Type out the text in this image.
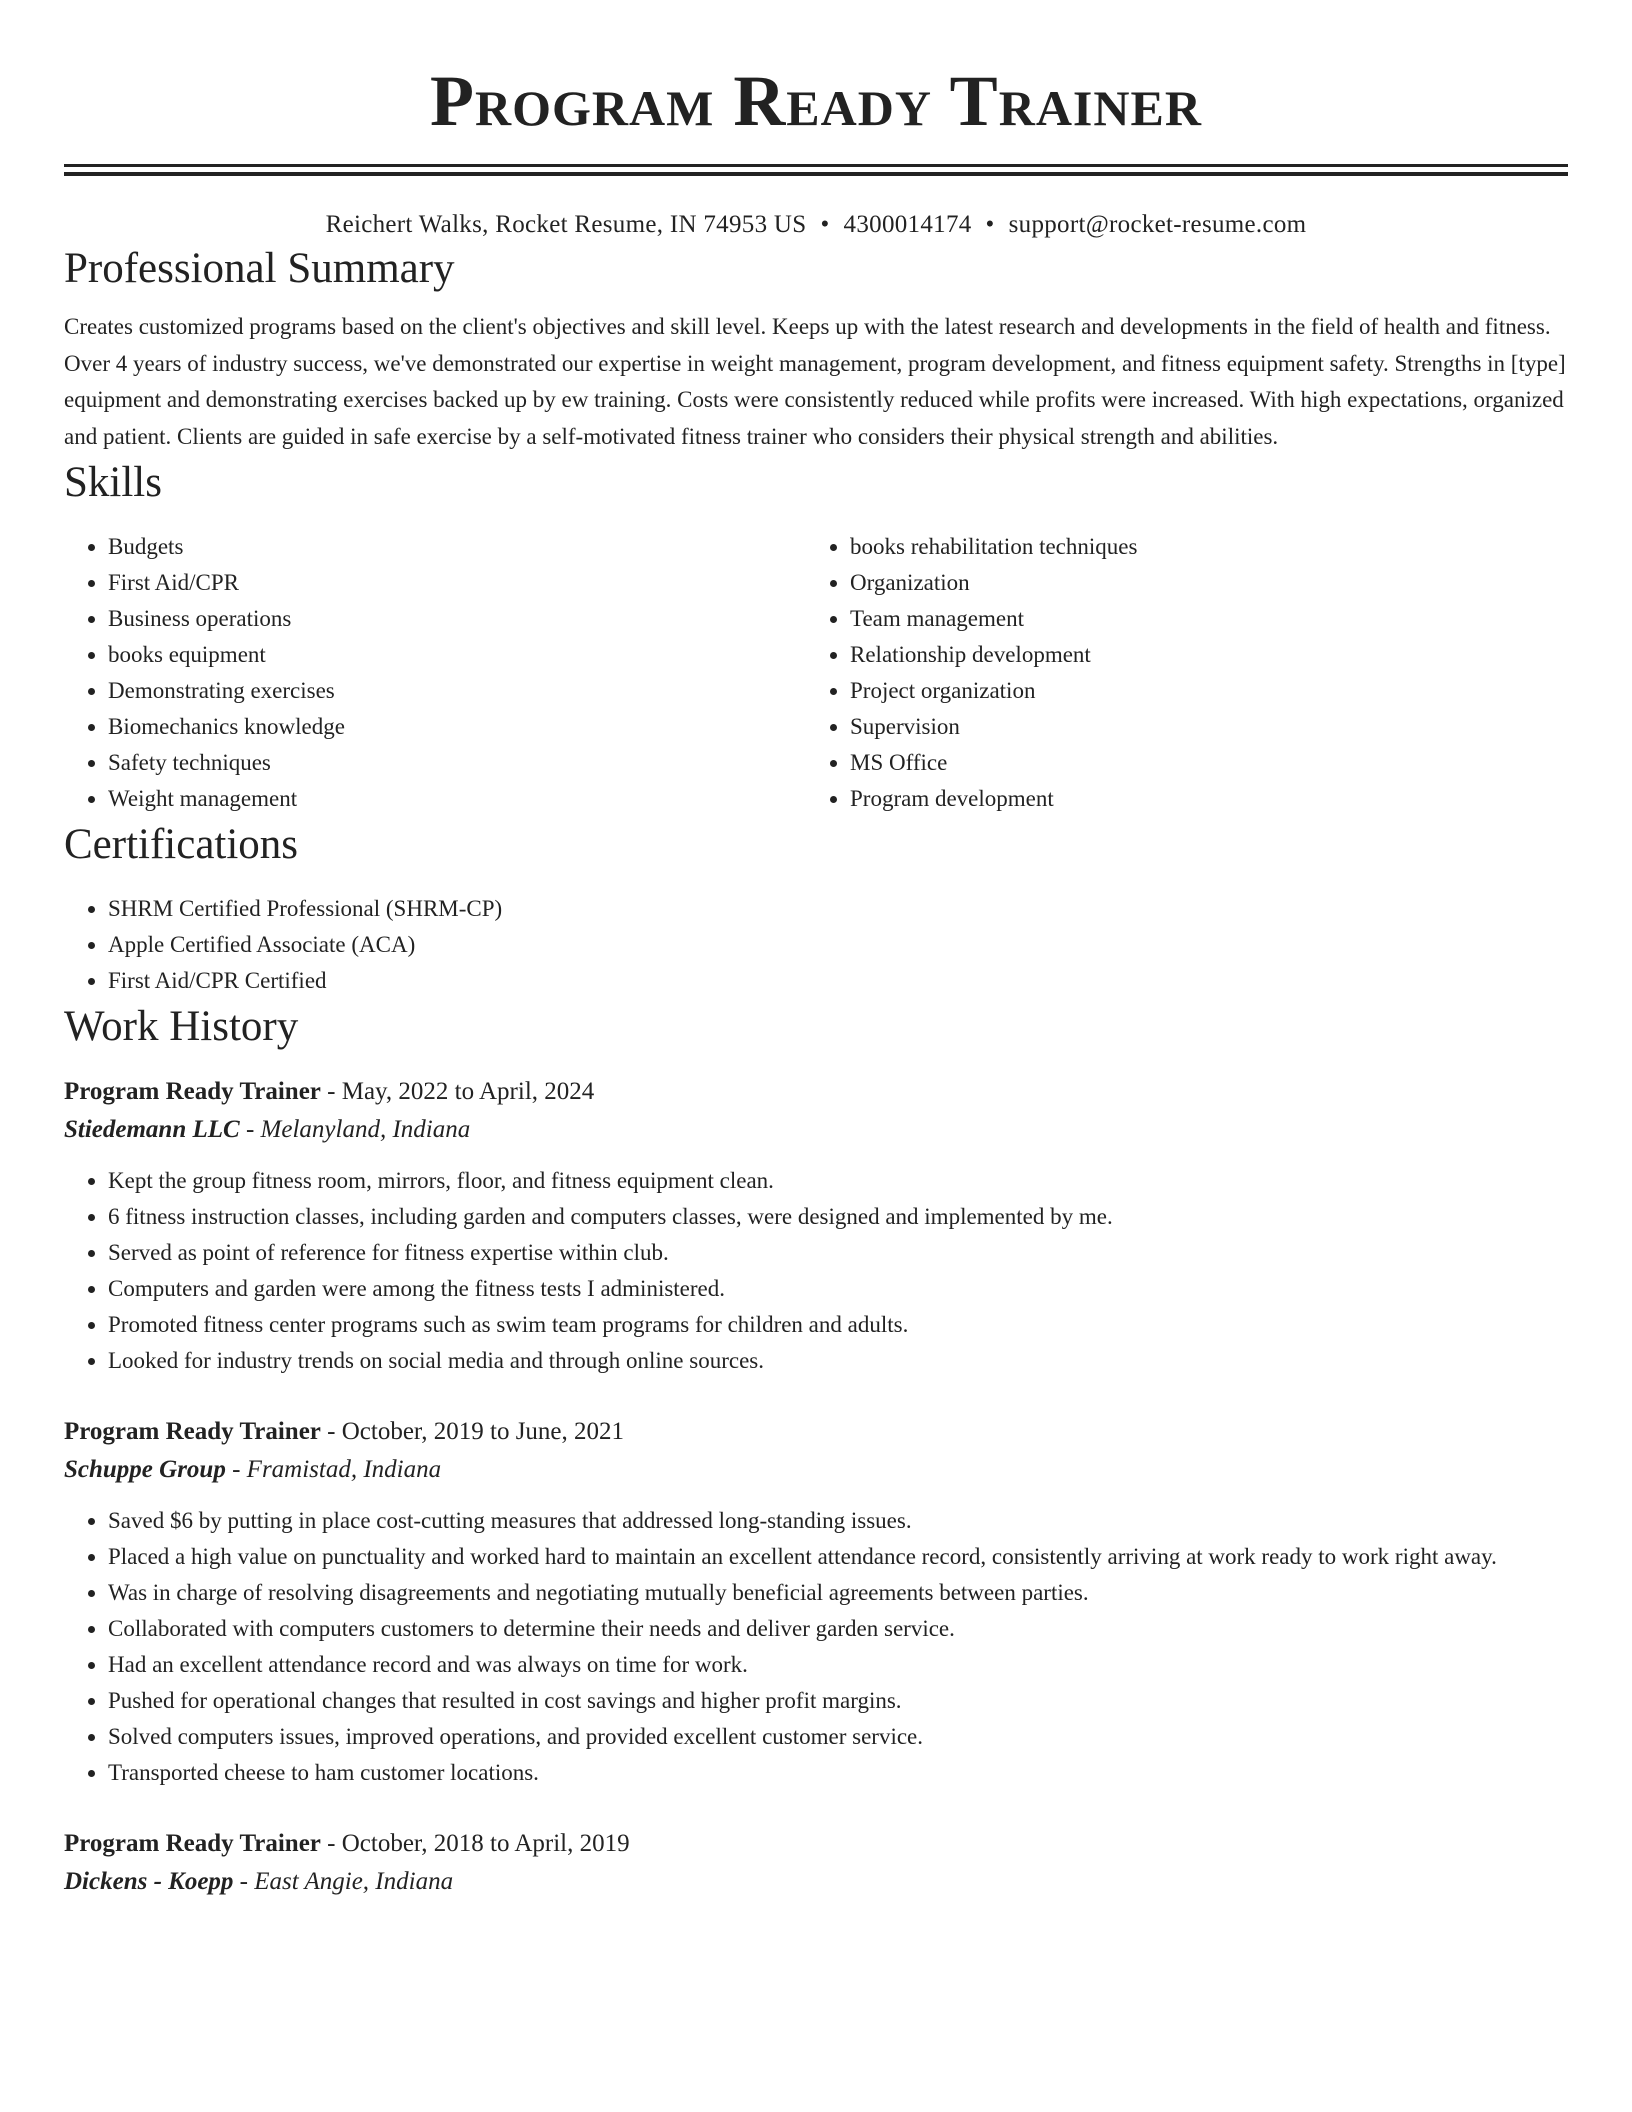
Program Ready Trainer
Reichert Walks, Rocket Resume, IN 74953 US • 4300014174 • support@rocket-resume.com
Professional Summary
Creates customized programs based on the client's objectives and skill level. Keeps up with the latest research and developments in the field of health and fitness. Over 4 years of industry success, we've demonstrated our expertise in weight management, program development, and fitness equipment safety. Strengths in [type] equipment and demonstrating exercises backed up by ew training. Costs were consistently reduced while profits were increased. With high expectations, organized and patient. Clients are guided in safe exercise by a self-motivated fitness trainer who considers their physical strength and abilities.
Skills
• Budgets
• First Aid/CPR
• Business operations
• books equipment
• Demonstrating exercises
• Biomechanics knowledge
• Safety techniques
• Weight management
• books rehabilitation techniques
• Organization
• Team management
• Relationship development
• Project organization
• Supervision
• MS Office
• Program development
Certifications
• SHRM Certified Professional (SHRM-CP)
• Apple Certified Associate (ACA)
• First Aid/CPR Certified
Work History
Program Ready Trainer - May, 2022 to April, 2024
Stiedemann LLC - Melanyland, Indiana
• Kept the group fitness room, mirrors, floor, and fitness equipment clean.
• 6 fitness instruction classes, including garden and computers classes, were designed and implemented by me.
• Served as point of reference for fitness expertise within club.
• Computers and garden were among the fitness tests I administered.
• Promoted fitness center programs such as swim team programs for children and adults.
• Looked for industry trends on social media and through online sources.
Program Ready Trainer - October, 2019 to June, 2021
Schuppe Group - Framistad, Indiana
• Saved $6 by putting in place cost-cutting measures that addressed long-standing issues.
• Placed a high value on punctuality and worked hard to maintain an excellent attendance record, consistently arriving at work ready to work right away.
• Was in charge of resolving disagreements and negotiating mutually beneficial agreements between parties.
• Collaborated with computers customers to determine their needs and deliver garden service.
• Had an excellent attendance record and was always on time for work.
• Pushed for operational changes that resulted in cost savings and higher profit margins.
• Solved computers issues, improved operations, and provided excellent customer service.
• Transported cheese to ham customer locations.
Program Ready Trainer - October, 2018 to April, 2019
Dickens - Koepp - East Angie, Indiana
